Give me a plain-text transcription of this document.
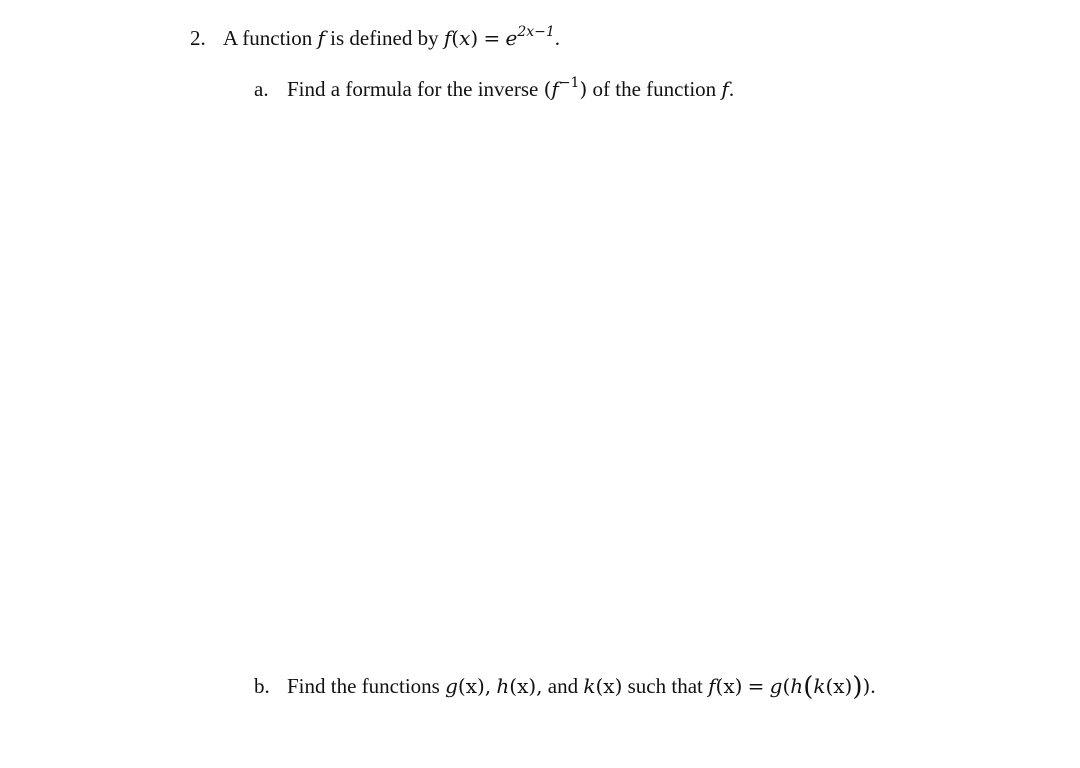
2. A function f is defined by $f(x) = e^{2x-1}$.
a. Find a formula for the inverse $(f^{-1})$ of the function f.
b. Find the functions g(x), h(x), and k(x) such that f(x) = g(h(k(x))).
